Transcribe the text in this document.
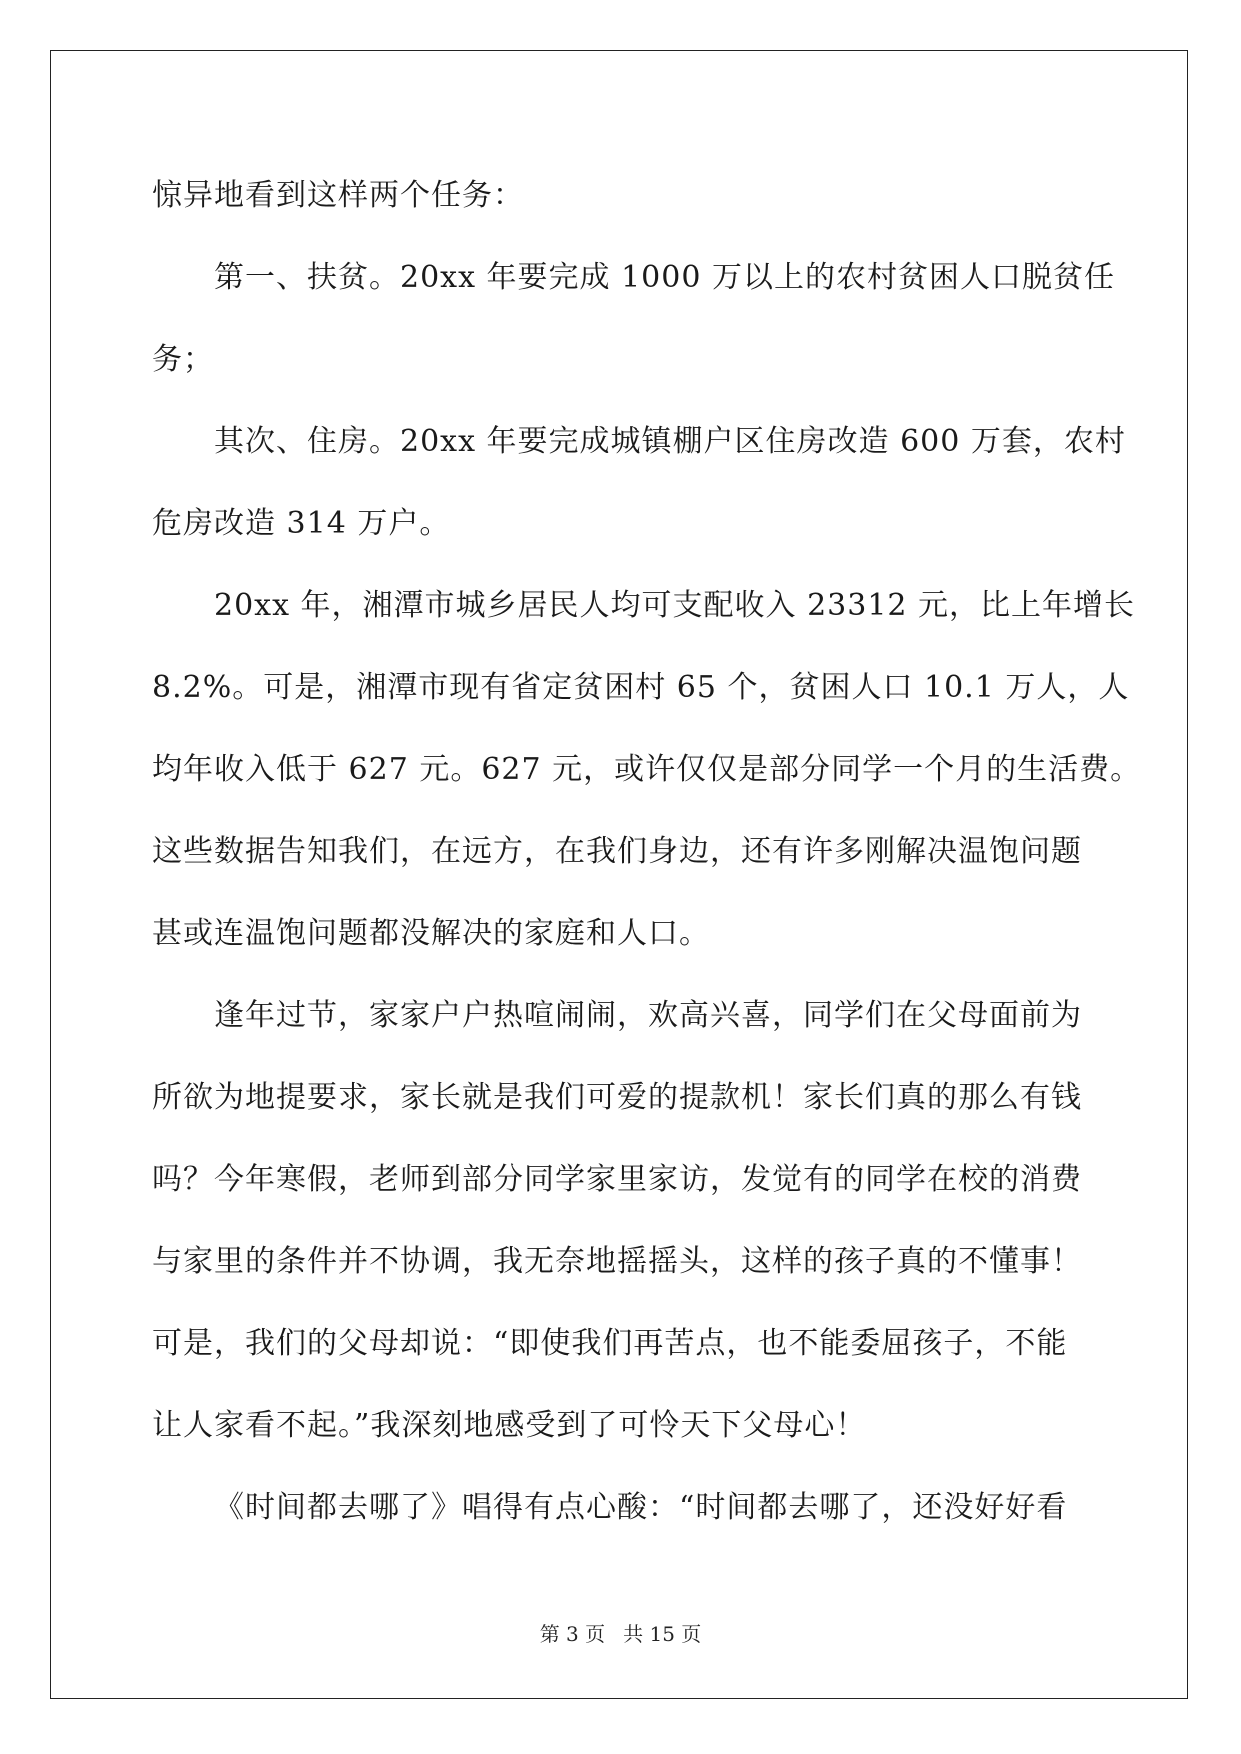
惊异地看到这样两个任务：
第一、扶贫。20xx 年要完成 1000 万以上的农村贫困人口脱贫任
务；
其次、住房。20xx 年要完成城镇棚户区住房改造 600 万套，农村
危房改造 314 万户。
20xx 年，湘潭市城乡居民人均可支配收入 23312 元，比上年增长
8.2%。可是，湘潭市现有省定贫困村 65 个，贫困人口 10.1 万人，人
均年收入低于 627 元。627 元，或许仅仅是部分同学一个月的生活费。
这些数据告知我们，在远方，在我们身边，还有许多刚解决温饱问题
甚或连温饱问题都没解决的家庭和人口。
逢年过节，家家户户热喧闹闹，欢高兴喜，同学们在父母面前为
所欲为地提要求，家长就是我们可爱的提款机！家长们真的那么有钱
吗？今年寒假，老师到部分同学家里家访，发觉有的同学在校的消费
与家里的条件并不协调，我无奈地摇摇头，这样的孩子真的不懂事！
可是，我们的父母却说：“即使我们再苦点，也不能委屈孩子，不能
让人家看不起。”我深刻地感受到了可怜天下父母心！
《时间都去哪了》唱得有点心酸：“时间都去哪了，还没好好看
第 3 页 共 15 页
